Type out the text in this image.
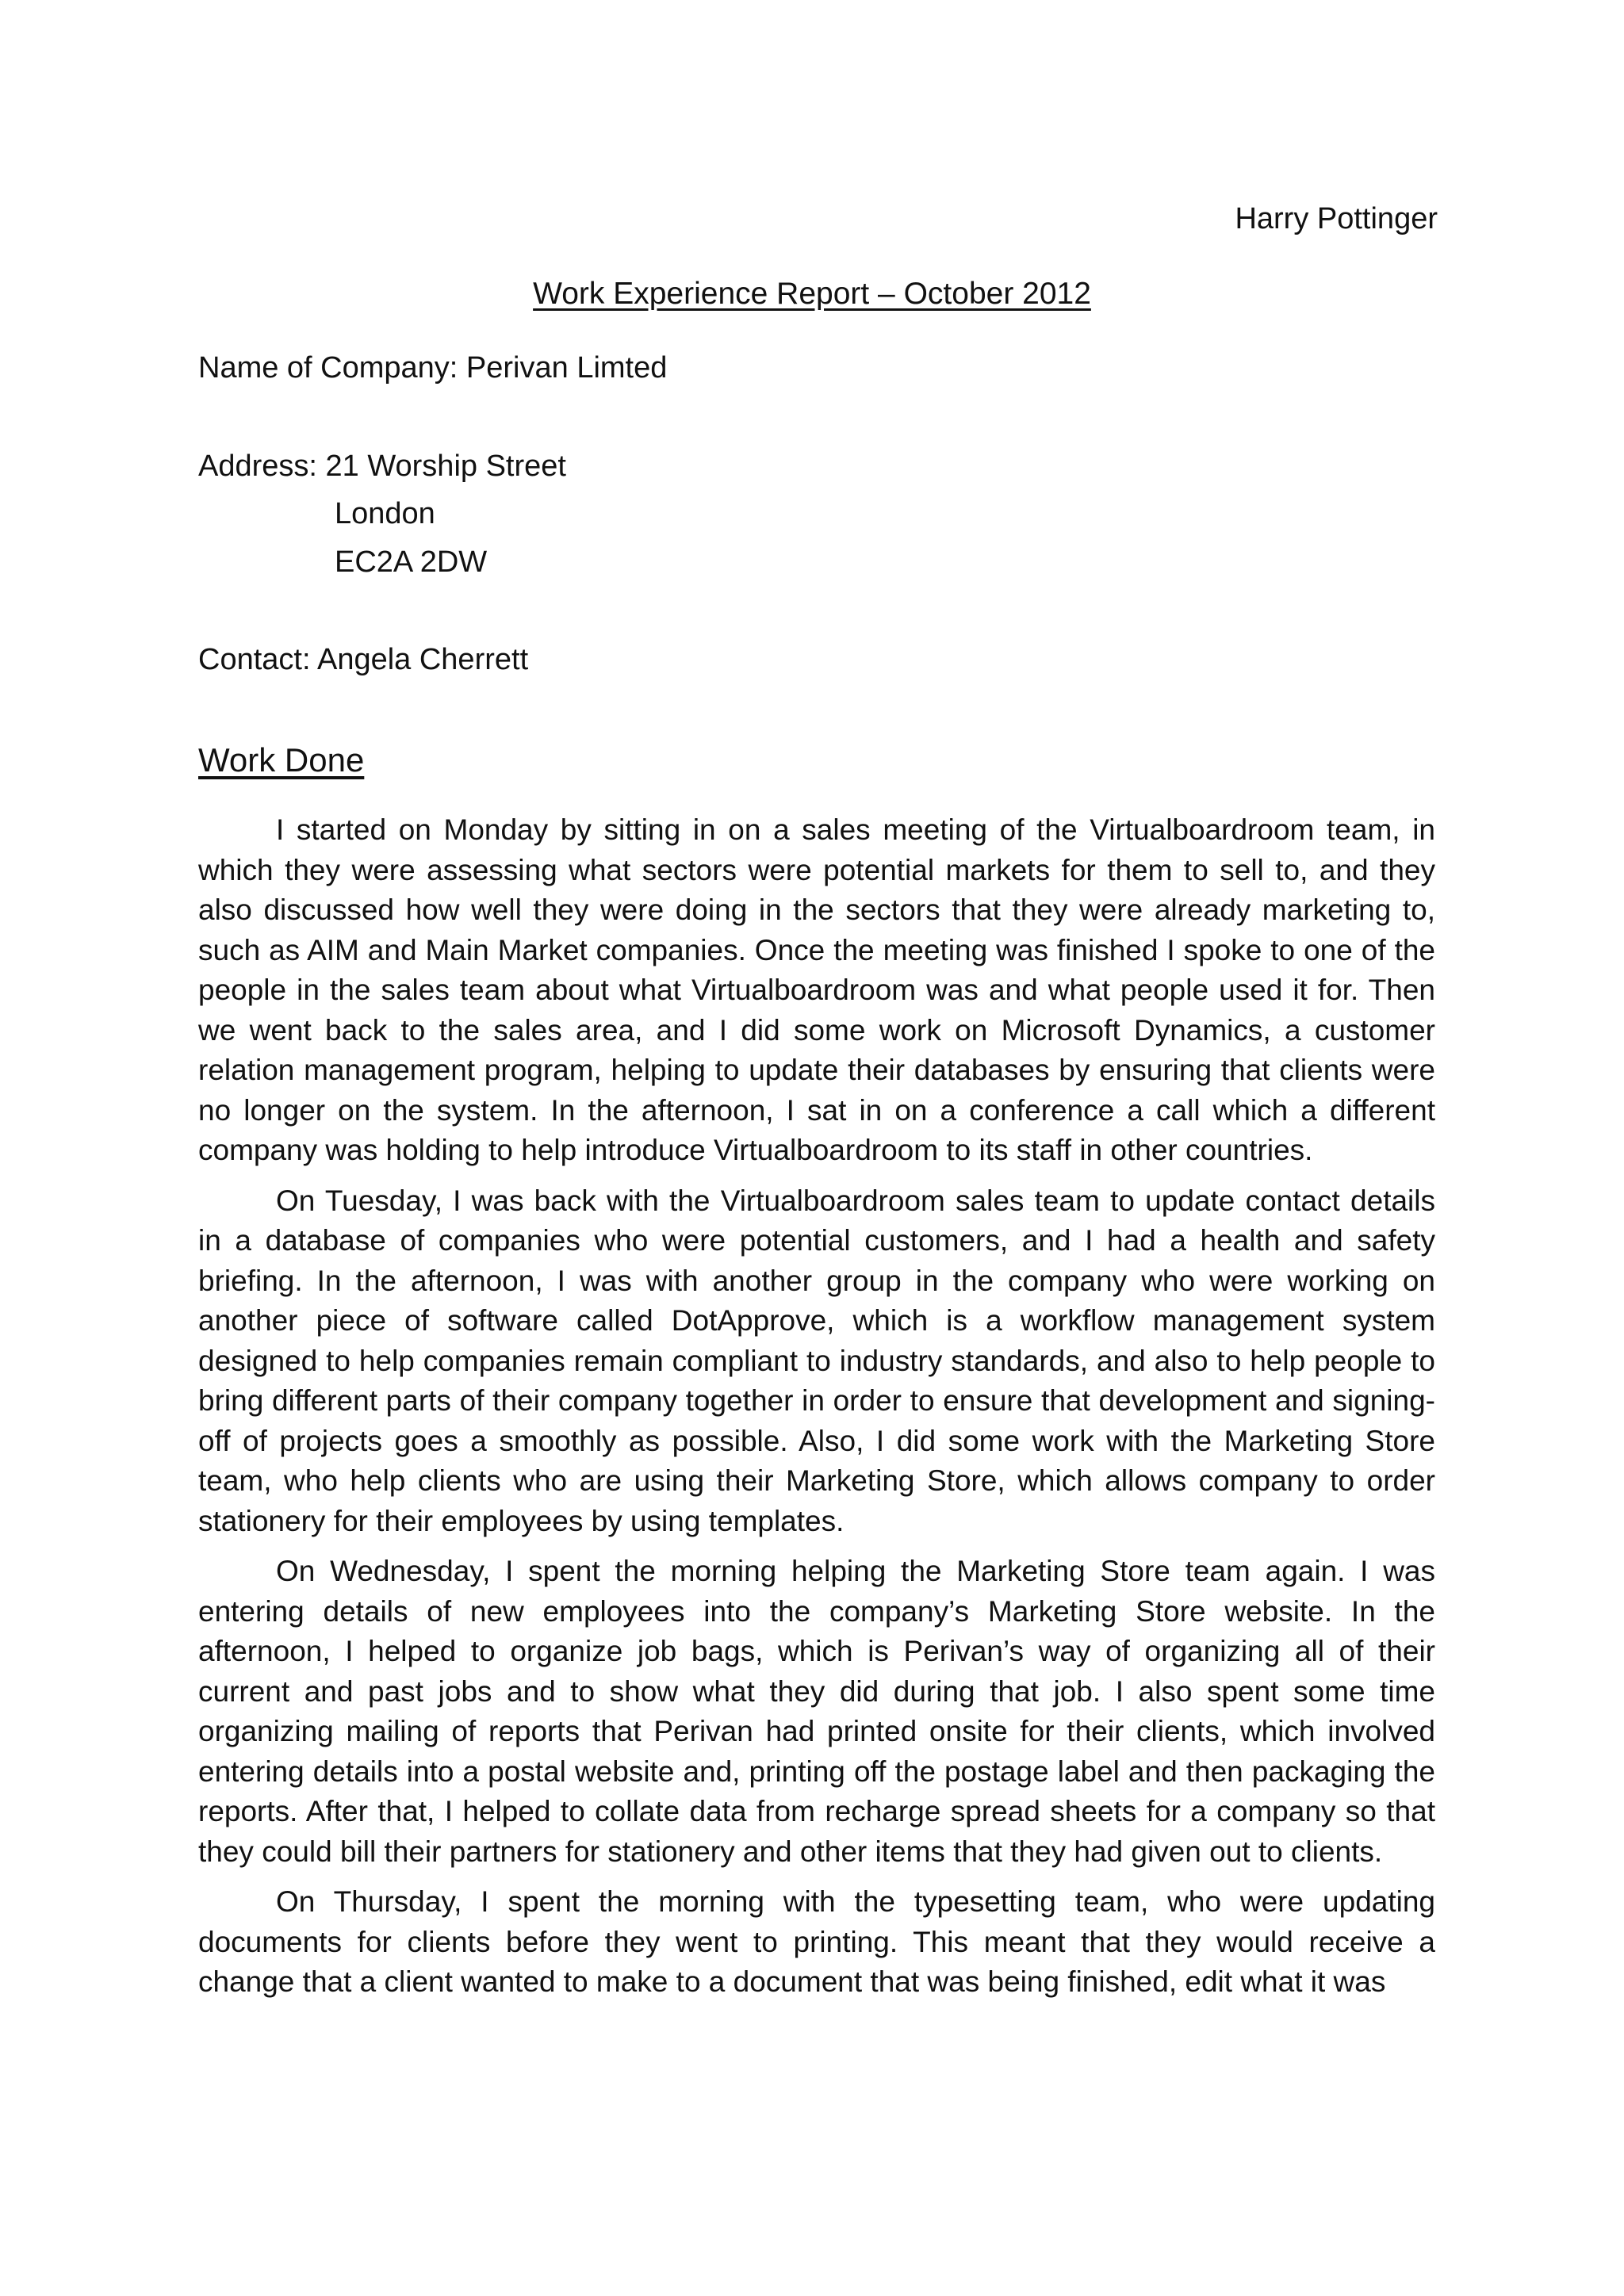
Harry Pottinger

Work Experience Report – October 2012

Name of Company: Perivan Limted

Address: 21 Worship Street

London

EC2A 2DW

Contact: Angela Cherrett

Work Done

I started on Monday by sitting in on a sales meeting of the Virtualboardroom team, in which they were assessing what sectors were potential markets for them to sell to, and they also discussed how well they were doing in the sectors that they were already marketing to, such as AIM and Main Market companies. Once the meeting was finished I spoke to one of the people in the sales team about what Virtualboardroom was and what people used it for. Then we went back to the sales area, and I did some work on Microsoft Dynamics, a customer relation management program, helping to update their databases by ensuring that clients were no longer on the system. In the afternoon, I sat in on a conference a call which a different company was holding to help introduce Virtualboardroom to its staff in other countries.

On Tuesday, I was back with the Virtualboardroom sales team to update contact details in a database of companies who were potential customers, and I had a health and safety briefing. In the afternoon, I was with another group in the company who were working on another piece of software called DotApprove, which is a workflow management system designed to help companies remain compliant to industry standards, and also to help people to bring different parts of their company together in order to ensure that development and signing-off of projects goes a smoothly as possible. Also, I did some work with the Marketing Store team, who help clients who are using their Marketing Store, which allows company to order stationery for their employees by using templates.

On Wednesday, I spent the morning helping the Marketing Store team again. I was entering details of new employees into the company’s Marketing Store website. In the afternoon, I helped to organize job bags, which is Perivan’s way of organizing all of their current and past jobs and to show what they did during that job. I also spent some time organizing mailing of reports that Perivan had printed onsite for their clients, which involved entering details into a postal website and, printing off the postage label and then packaging the reports. After that, I helped to collate data from recharge spread sheets for a company so that they could bill their partners for stationery and other items that they had given out to clients.

On Thursday, I spent the morning with the typesetting team, who were updating documents for clients before they went to printing. This meant that they would receive a change that a client wanted to make to a document that was being finished, edit what it was
